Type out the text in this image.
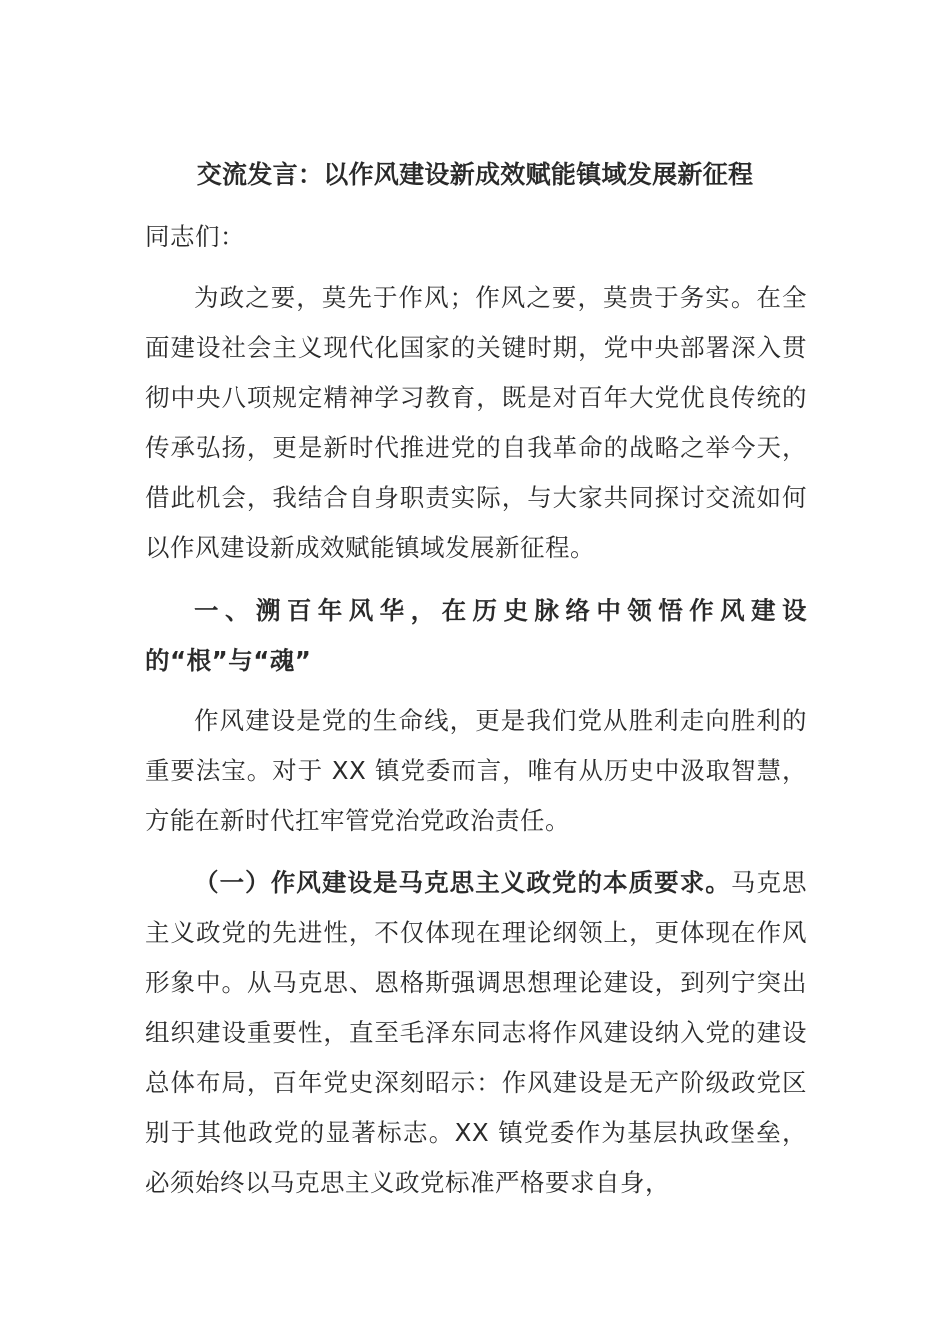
交流发言：以作风建设新成效赋能镇域发展新征程

同志们：

为政之要，莫先于作风；作风之要，莫贵于务实。在全面建设社会主义现代化国家的关键时期，党中央部署深入贯彻中央八项规定精神学习教育，既是对百年大党优良传统的传承弘扬，更是新时代推进党的自我革命的战略之举今天，借此机会，我结合自身职责实际，与大家共同探讨交流如何以作风建设新成效赋能镇域发展新征程。

一、溯百年风华，在历史脉络中领悟作风建设的“根”与“魂”

作风建设是党的生命线，更是我们党从胜利走向胜利的重要法宝。对于 XX 镇党委而言，唯有从历史中汲取智慧，方能在新时代扛牢管党治党政治责任。

（一）作风建设是马克思主义政党的本质要求。马克思主义政党的先进性，不仅体现在理论纲领上，更体现在作风形象中。从马克思、恩格斯强调思想理论建设，到列宁突出组织建设重要性，直至毛泽东同志将作风建设纳入党的建设总体布局，百年党史深刻昭示：作风建设是无产阶级政党区别于其他政党的显著标志。XX 镇党委作为基层执政堡垒，必须始终以马克思主义政党标准严格要求自身，
